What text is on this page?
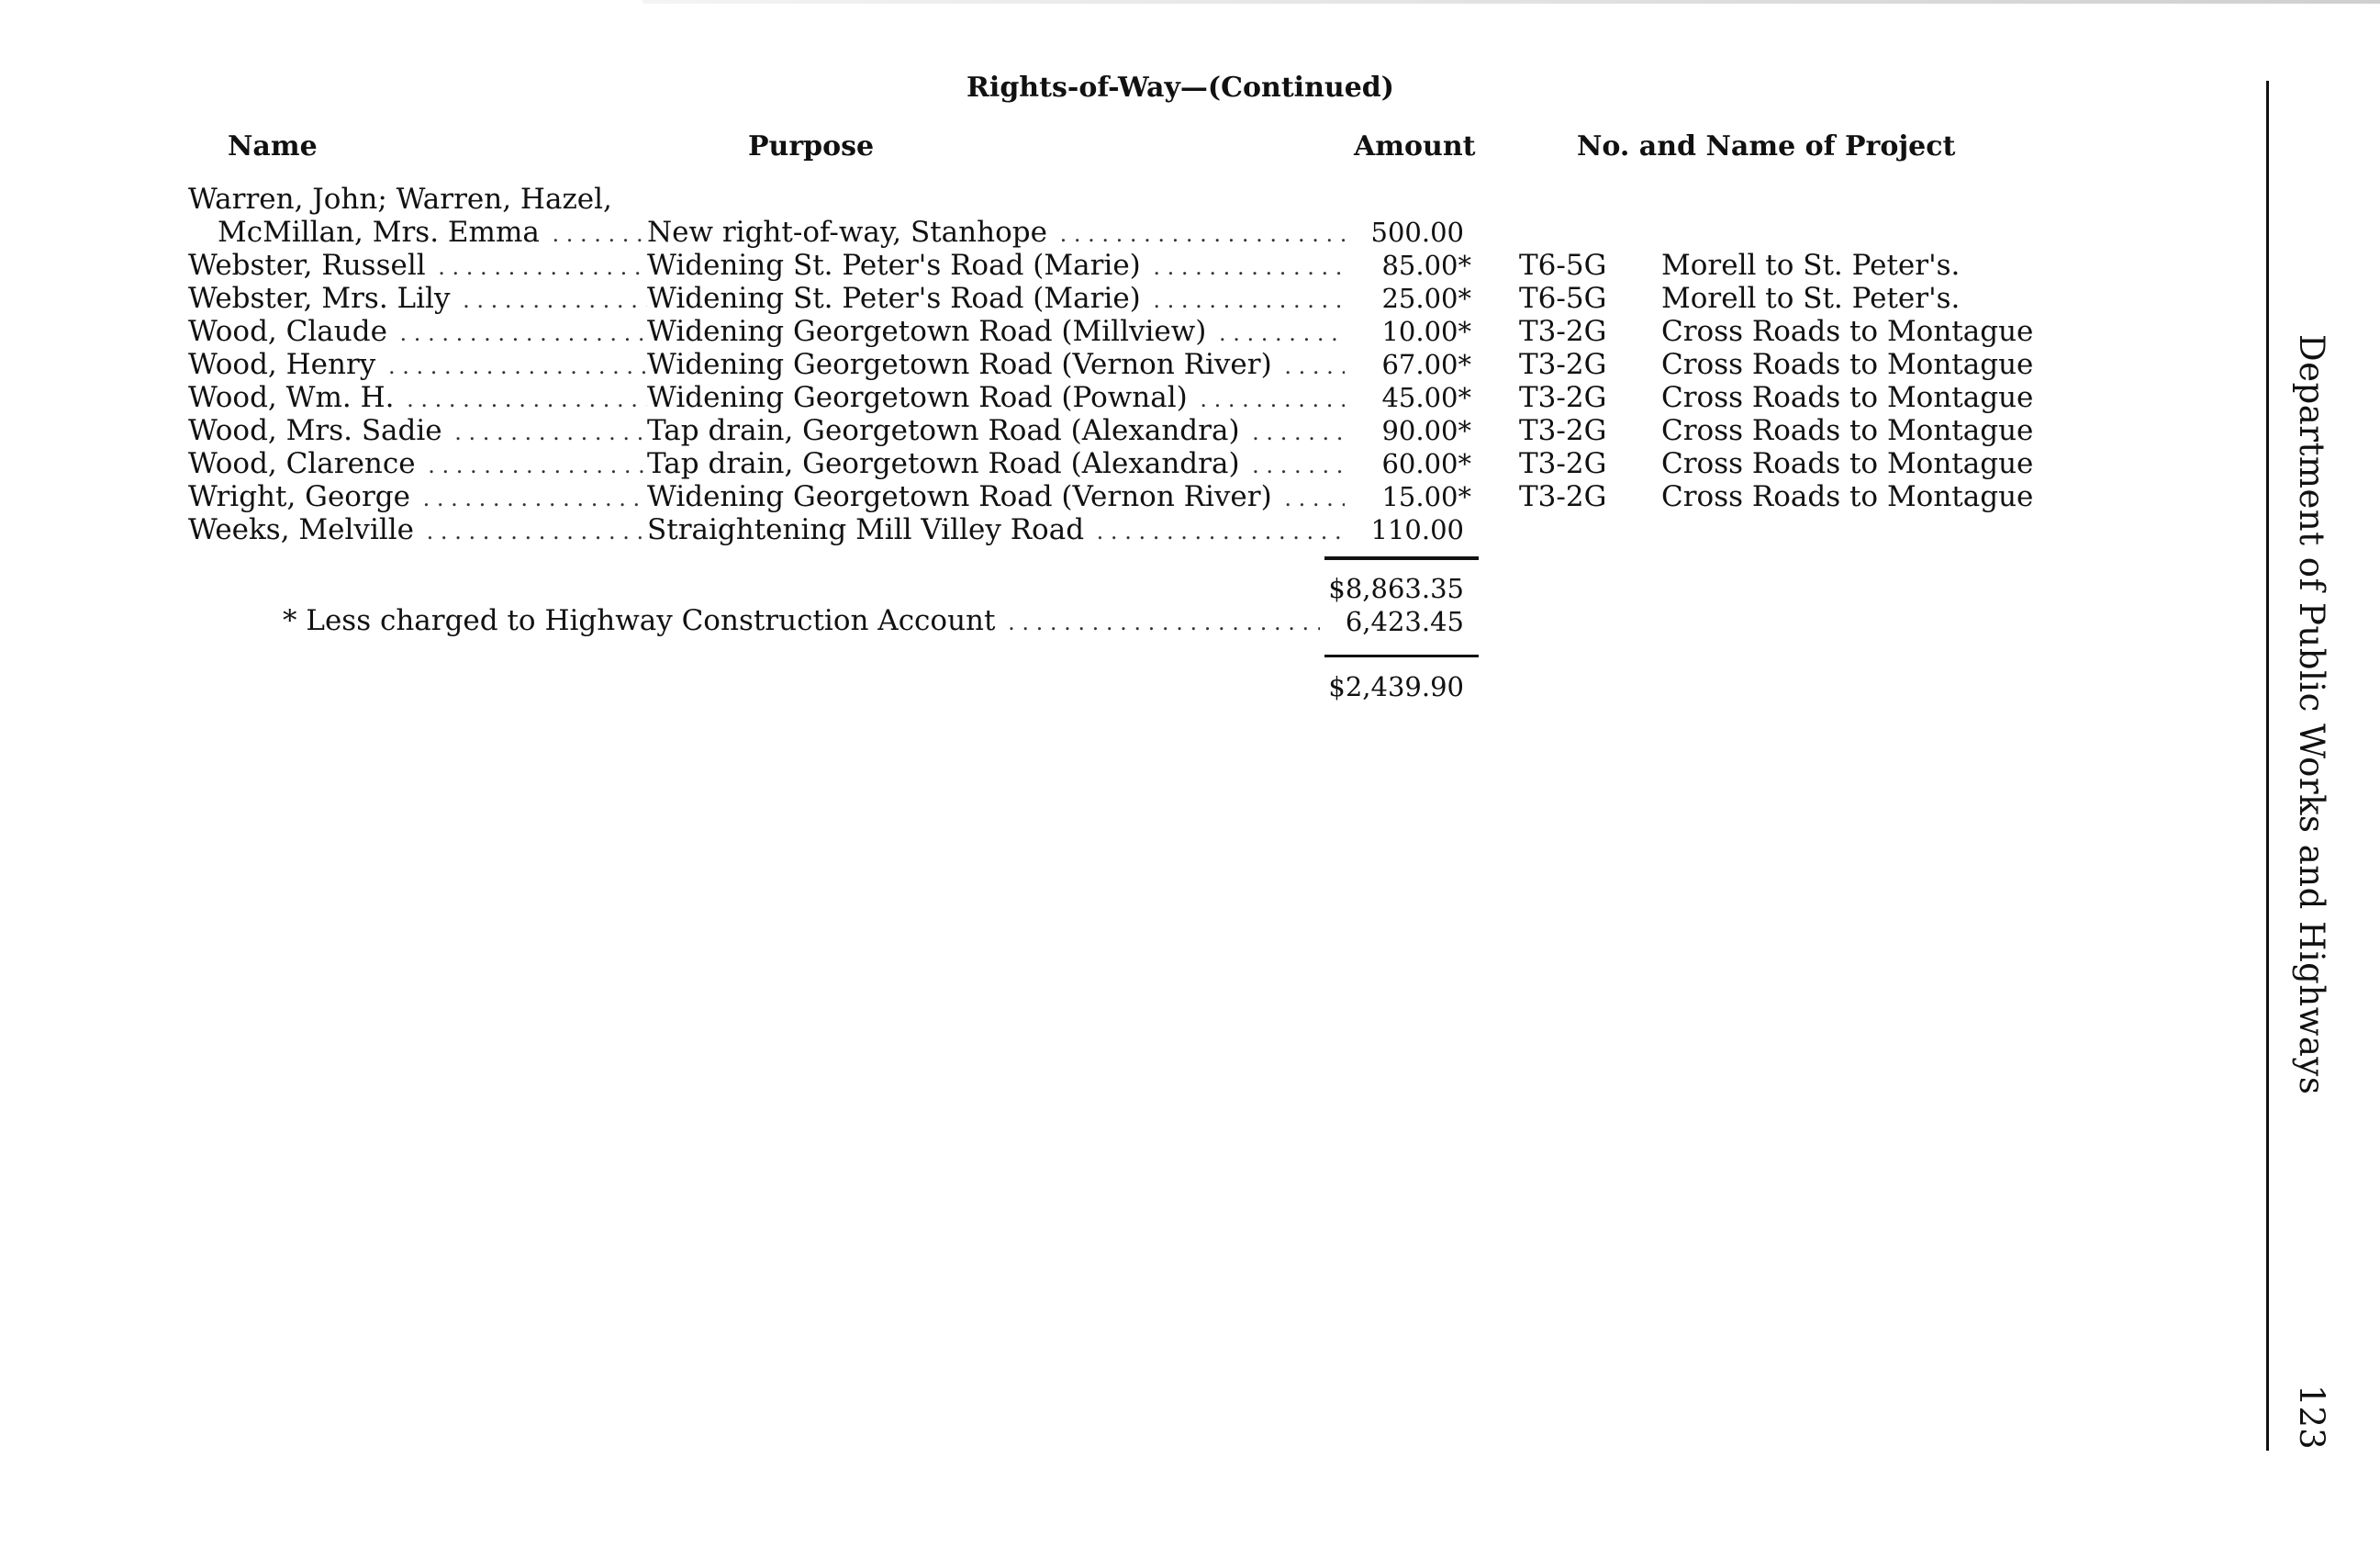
Rights-of-Way—(Continued)
Name	Purpose	Amount	No. and Name of Project
Warren, John; Warren, Hazel,
McMillan, Mrs. Emma . . .	New right-of-way, Stanhope . . .	500.00
Webster, Russell . . .	Widening St. Peter's Road (Marie) . . .	85.00* T6-5G Morell to St. Peter's.
Webster, Mrs. Lily . . .	Widening St. Peter's Road (Marie) . . .	25.00* T6-5G Morell to St. Peter's.
Wood, Claude . . .	Widening Georgetown Road (Millview) . . .	10.00* T3-2G Cross Roads to Montague
Wood, Henry . . .	Widening Georgetown Road (Vernon River) . . .	67.00* T3-2G Cross Roads to Montague
Wood, Wm. H. . . .	Widening Georgetown Road (Pownal) . . .	45.00* T3-2G Cross Roads to Montague
Wood, Mrs. Sadie . . .	Tap drain, Georgetown Road (Alexandra) . . .	90.00* T3-2G Cross Roads to Montague
Wood, Clarence . . .	Tap drain, Georgetown Road (Alexandra) . . .	60.00* T3-2G Cross Roads to Montague
Wright, George . . .	Widening Georgetown Road (Vernon River) . . .	15.00* T3-2G Cross Roads to Montague
Weeks, Melville . . .	Straightening Mill Villey Road . . .	110.00
$8,863.35
* Less charged to Highway Construction Account . . .	6,423.45
$2,439.90	Department of Public Works and Highways
123
